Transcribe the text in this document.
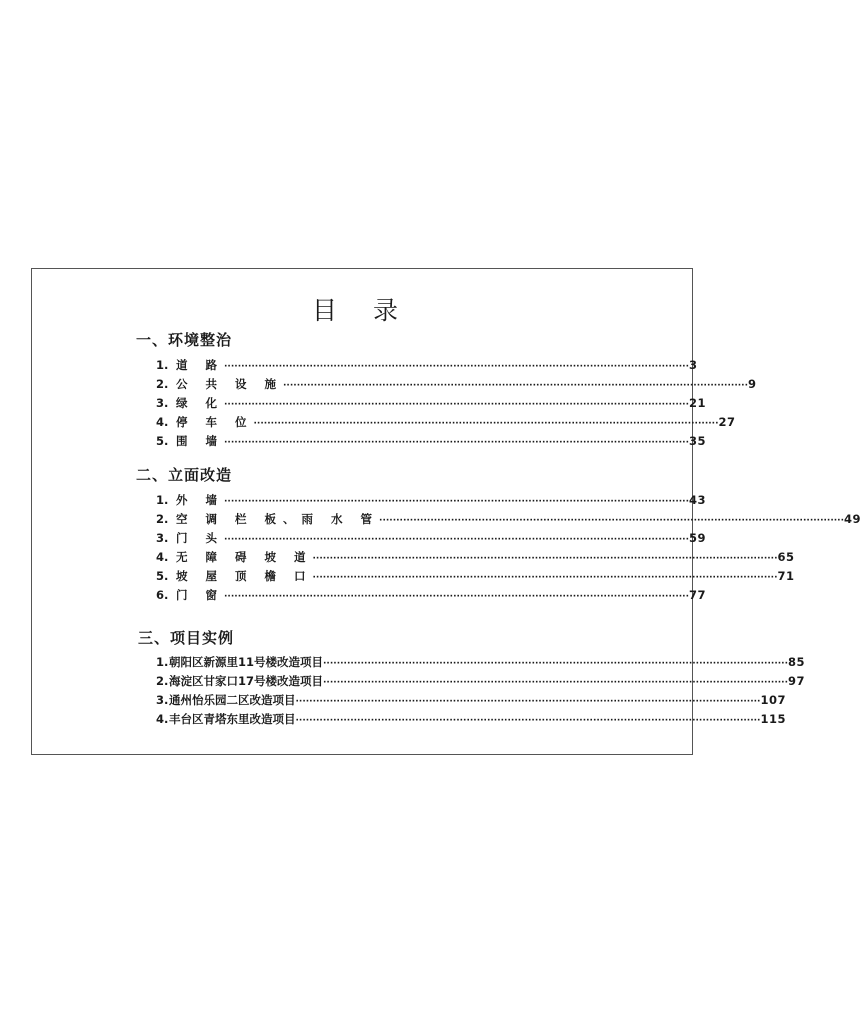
目 录
一、环境整治
1. 道 路 ········································································································································ 3
2. 公 共 设 施 ········································································································································ 9
3. 绿 化 ········································································································································ 21
4. 停 车 位 ········································································································································ 27
5. 围 墙 ········································································································································ 35
二、立面改造
1. 外 墙 ········································································································································ 43
2. 空 调 栏 板、雨 水 管 ········································································································································ 49
3. 门 头 ········································································································································ 59
4. 无 障 碍 坡 道 ········································································································································ 65
5. 坡 屋 顶 檐 口 ········································································································································ 71
6. 门 窗 ········································································································································ 77
三、项目实例
1. 朝阳区新源里11号楼改造项目 ········································································································································ 85
2. 海淀区甘家口17号楼改造项目 ········································································································································ 97
3. 通州怡乐园二区改造项目 ········································································································································ 107
4. 丰台区青塔东里改造项目 ········································································································································ 115
